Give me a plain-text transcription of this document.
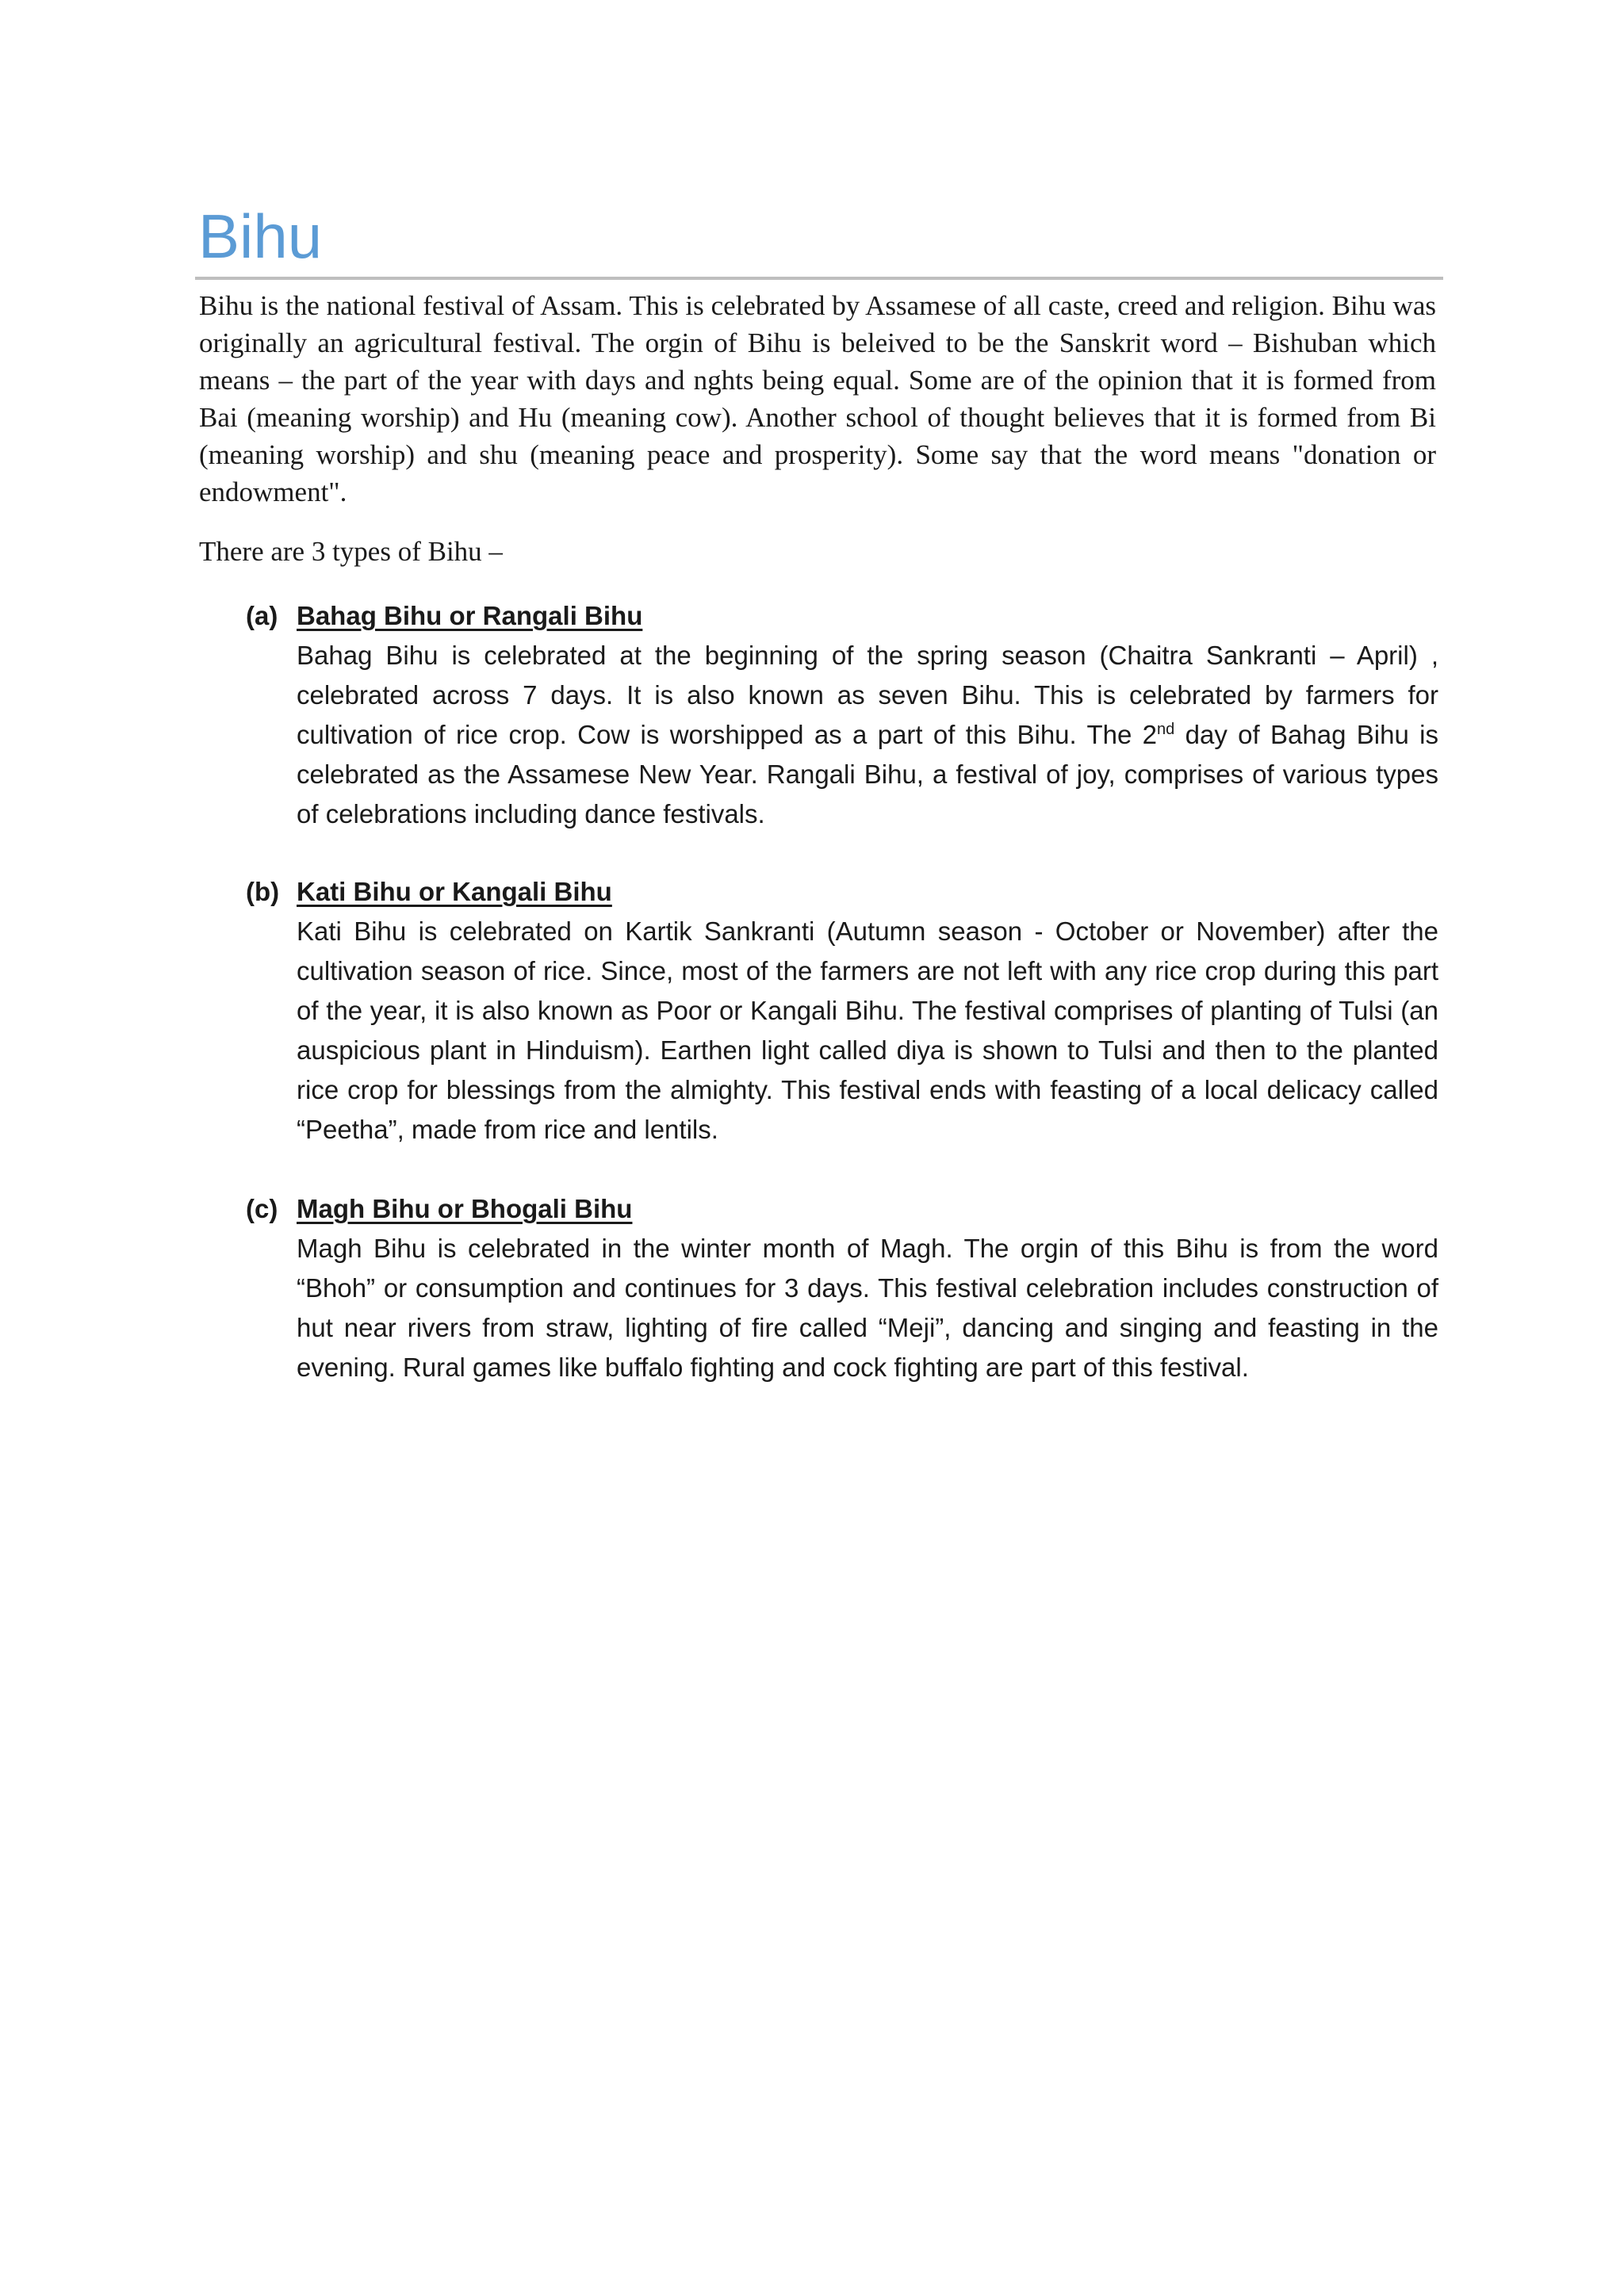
Bihu

Bihu is the national festival of Assam. This is celebrated by Assamese of all caste, creed and religion. Bihu was originally an agricultural festival. The orgin of Bihu is beleived to be the Sanskrit word – Bishuban which means – the part of the year with days and nghts being equal. Some are of the opinion that it is formed from Bai (meaning worship) and Hu (meaning cow). Another school of thought believes that it is formed from Bi (meaning worship) and shu (meaning peace and prosperity). Some say that the word means "donation or endowment".

There are 3 types of Bihu –

(a) Bahag Bihu or Rangali Bihu

Bahag Bihu is celebrated at the beginning of the spring season (Chaitra Sankranti – April) , celebrated across 7 days. It is also known as seven Bihu. This is celebrated by farmers for cultivation of rice crop. Cow is worshipped as a part of this Bihu. The 2nd day of Bahag Bihu is celebrated as the Assamese New Year. Rangali Bihu, a festival of joy, comprises of various types of celebrations including dance festivals.

(b) Kati Bihu or Kangali Bihu

Kati Bihu is celebrated on Kartik Sankranti (Autumn season - October or November) after the cultivation season of rice. Since, most of the farmers are not left with any rice crop during this part of the year, it is also known as Poor or Kangali Bihu. The festival comprises of planting of Tulsi (an auspicious plant in Hinduism). Earthen light called diya is shown to Tulsi and then to the planted rice crop for blessings from the almighty. This festival ends with feasting of a local delicacy called “Peetha”, made from rice and lentils.

(c) Magh Bihu or Bhogali Bihu

Magh Bihu is celebrated in the winter month of Magh. The orgin of this Bihu is from the word “Bhoh” or consumption and continues for 3 days. This festival celebration includes construction of hut near rivers from straw, lighting of fire called “Meji”, dancing and singing and feasting in the evening. Rural games like buffalo fighting and cock fighting are part of this festival.
